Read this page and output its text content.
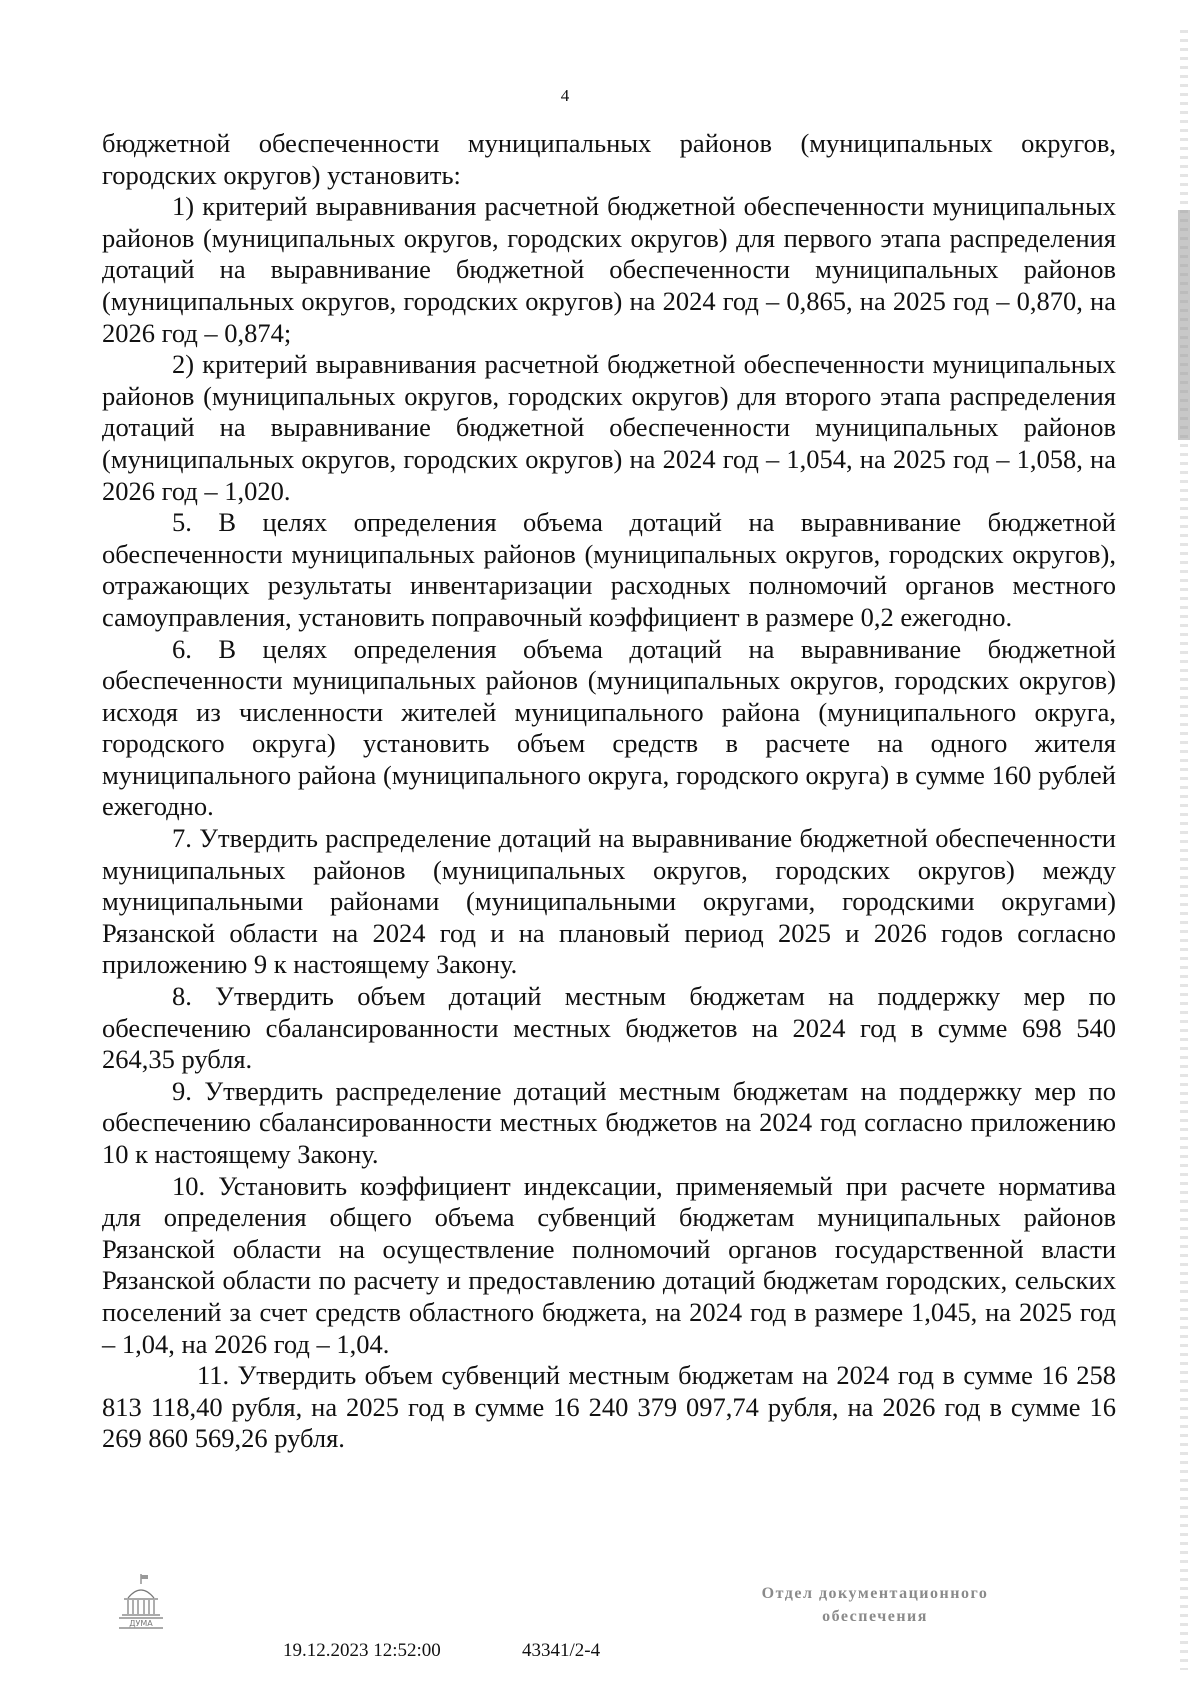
4

бюджетной обеспеченности муниципальных районов (муниципальных округов, городских округов) установить:

1) критерий выравнивания расчетной бюджетной обеспеченности муниципальных районов (муниципальных округов, городских округов) для первого этапа распределения дотаций на выравнивание бюджетной обеспеченности муниципальных районов (муниципальных округов, городских округов) на 2024 год – 0,865, на 2025 год – 0,870, на 2026 год – 0,874;

2) критерий выравнивания расчетной бюджетной обеспеченности муниципальных районов (муниципальных округов, городских округов) для второго этапа распределения дотаций на выравнивание бюджетной обеспеченности муниципальных районов (муниципальных округов, городских округов) на 2024 год – 1,054, на 2025 год – 1,058, на 2026 год – 1,020.

5. В целях определения объема дотаций на выравнивание бюджетной обеспеченности муниципальных районов (муниципальных округов, городских округов), отражающих результаты инвентаризации расходных полномочий органов местного самоуправления, установить поправочный коэффициент в размере 0,2 ежегодно.

6. В целях определения объема дотаций на выравнивание бюджетной обеспеченности муниципальных районов (муниципальных округов, городских округов) исходя из численности жителей муниципального района (муниципального округа, городского округа) установить объем средств в расчете на одного жителя муниципального района (муниципального округа, городского округа) в сумме 160 рублей ежегодно.

7. Утвердить распределение дотаций на выравнивание бюджетной обеспеченности муниципальных районов (муниципальных округов, городских округов) между муниципальными районами (муниципальными округами, городскими округами) Рязанской области на 2024 год и на плановый период 2025 и 2026 годов согласно приложению 9 к настоящему Закону.

8. Утвердить объем дотаций местным бюджетам на поддержку мер по обеспечению сбалансированности местных бюджетов на 2024 год в сумме 698 540 264,35 рубля.

9. Утвердить распределение дотаций местным бюджетам на поддержку мер по обеспечению сбалансированности местных бюджетов на 2024 год согласно приложению 10 к настоящему Закону.

10. Установить коэффициент индексации, применяемый при расчете норматива для определения общего объема субвенций бюджетам муниципальных районов Рязанской области на осуществление полномочий органов государственной власти Рязанской области по расчету и предоставлению дотаций бюджетам городских, сельских поселений за счет средств областного бюджета, на 2024 год в размере 1,045, на 2025 год – 1,04, на 2026 год – 1,04.

11. Утвердить объем субвенций местным бюджетам на 2024 год в сумме 16 258 813 118,40 рубля, на 2025 год в сумме 16 240 379 097,74 рубля, на 2026 год в сумме 16 269 860 569,26 рубля.

ДУМА
19.12.2023 12:52:00	43341/2-4
Отдел документационного
обеспечения
